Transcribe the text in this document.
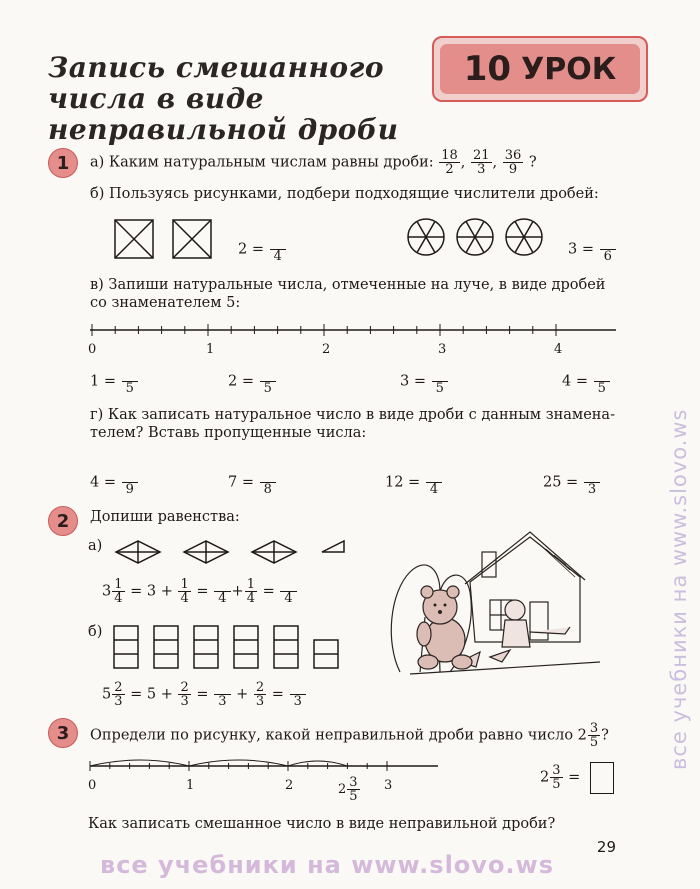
Запись смешанного
числа в виде
неправильной дроби
10 УРОК
1 а) Каким натуральным числам равны дроби: $\frac{18}{2}$ , $\frac{21}{3}$ , $\frac{36}{9}$ ?
б) Пользуясь рисунками, подбери подходящие числители дробей:
2 =
4	3 =
6
в) Запиши натуральные числа, отмеченные на луче, в виде дробей
со знаменателем 5:
0	1	2	3	4
1 =
5	2 =
5	3 =
5	4 =
5
г) Как записать натуральное число в виде дроби с данным знамена-
телем? Вставь пропущенные числа:
4 =
9	7 =
8	12 =
4	25 =
3
2 Допиши равенства:
а)
$3 \frac{1}{4} = 3 + \frac{1}{4}$ =
$4 + \frac{1}{4}$ =
4
б)
$5 \frac{2}{3} = 5 + \frac{2}{3}$ =
$3 + \frac{2}{3}$ =
3
3 Определи по рисунку, какой неправильной дроби равно число $2 \frac{3}{5}$ ?
0	1	2	$2 \frac{3}{5} 3$	$2 \frac{3}{5}$ =
Как записать смешанное число в виде неправильной дроби?
29
все учебники на www.slovo.ws
все учебники на www.slovo.ws
